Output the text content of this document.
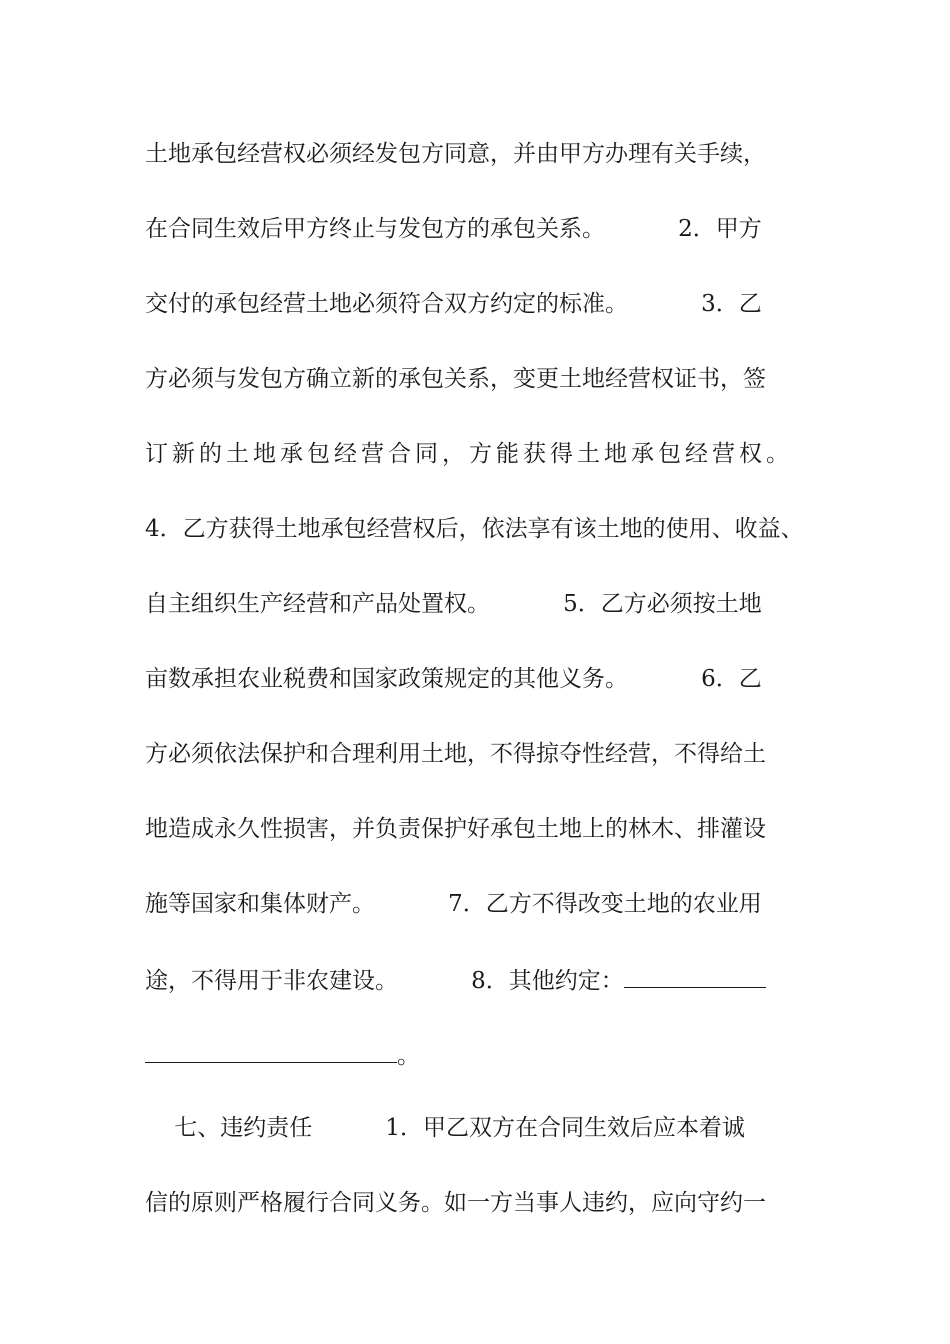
土地承包经营权必须经发包方同意，并由甲方办理有关手续，
在合同生效后甲方终止与发包方的承包关系。          2．甲方
交付的承包经营土地必须符合双方约定的标准。          3．乙
方必须与发包方确立新的承包关系，变更土地经营权证书，签
订新的土地承包经营合同，方能获得土地承包经营权。
4．乙方获得土地承包经营权后，依法享有该土地的使用、收益、
自主组织生产经营和产品处置权。          5．乙方必须按土地
亩数承担农业税费和国家政策规定的其他义务。          6．乙
方必须依法保护和合理利用土地，不得掠夺性经营，不得给土
地造成永久性损害，并负责保护好承包土地上的林木、排灌设
施等国家和集体财产。          7．乙方不得改变土地的农业用
途，不得用于非农建设。          8．其他约定：
。
七、违约责任          1．甲乙双方在合同生效后应本着诚
信的原则严格履行合同义务。如一方当事人违约，应向守约一
